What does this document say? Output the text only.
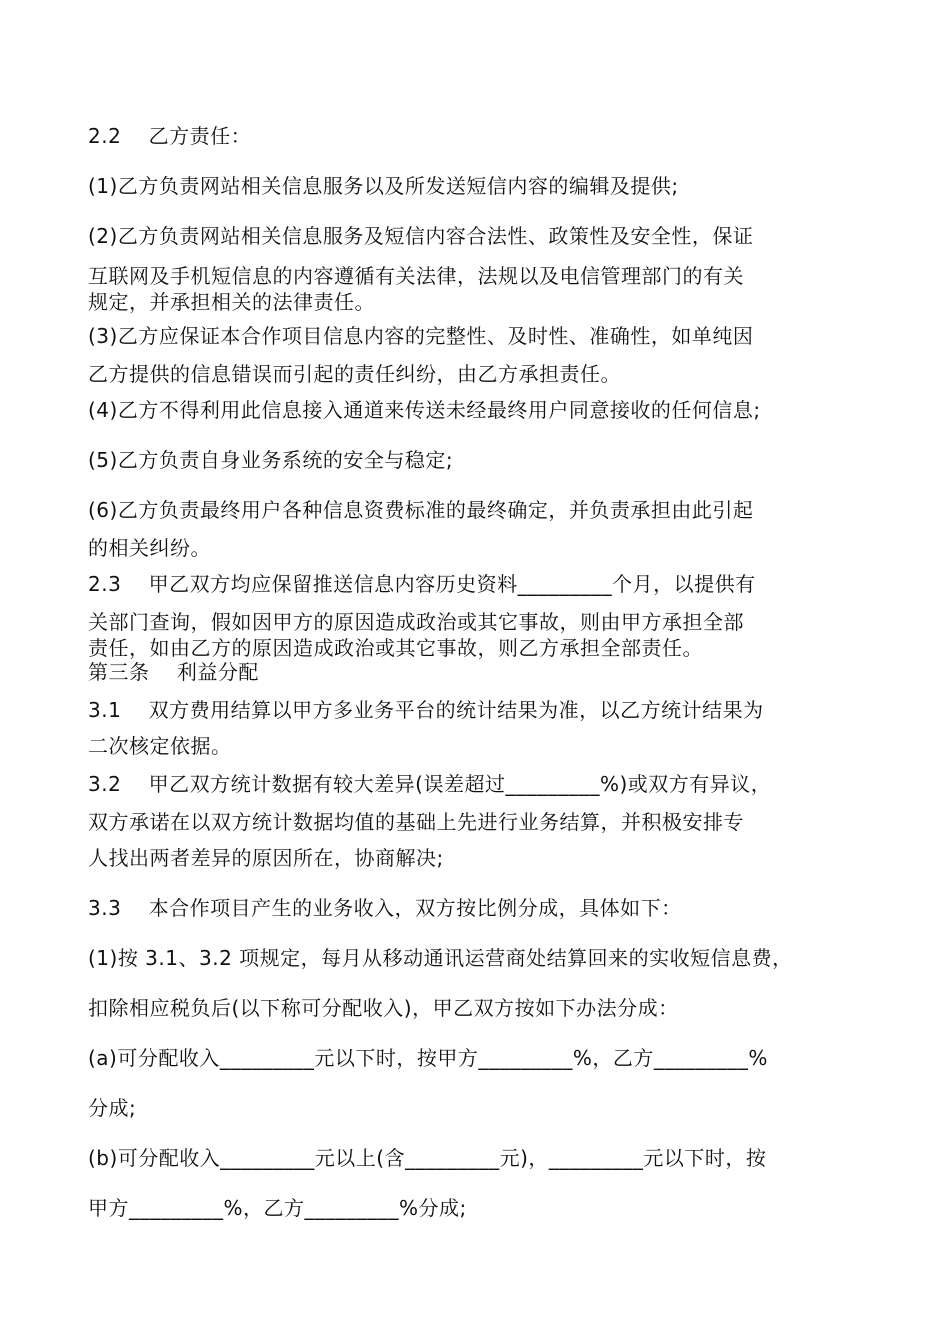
2.2　 乙方责任：
(1)乙方负责网站相关信息服务以及所发送短信内容的编辑及提供;
(2)乙方负责网站相关信息服务及短信内容合法性、政策性及安全性，保证
互联网及手机短信息的内容遵循有关法律，法规以及电信管理部门的有关
规定，并承担相关的法律责任。
(3)乙方应保证本合作项目信息内容的完整性、及时性、准确性，如单纯因
乙方提供的信息错误而引起的责任纠纷，由乙方承担责任。
(4)乙方不得利用此信息接入通道来传送未经最终用户同意接收的任何信息;
(5)乙方负责自身业务系统的安全与稳定;
(6)乙方负责最终用户各种信息资费标准的最终确定，并负责承担由此引起
的相关纠纷。
2.3　 甲乙双方均应保留推送信息内容历史资料_________个月，以提供有
关部门查询，假如因甲方的原因造成政治或其它事故，则由甲方承担全部
责任，如由乙方的原因造成政治或其它事故，则乙方承担全部责任。
第三条　 利益分配
3.1　 双方费用结算以甲方多业务平台的统计结果为准，以乙方统计结果为
二次核定依据。
3.2　 甲乙双方统计数据有较大差异(误差超过_________%)或双方有异议，
双方承诺在以双方统计数据均值的基础上先进行业务结算，并积极安排专
人找出两者差异的原因所在，协商解决;
3.3　 本合作项目产生的业务收入，双方按比例分成，具体如下：
(1)按 3.1、3.2 项规定，每月从移动通讯运营商处结算回来的实收短信息费，
扣除相应税负后(以下称可分配收入)，甲乙双方按如下办法分成：
(a)可分配收入_________元以下时，按甲方_________%，乙方_________%
分成;
(b)可分配收入_________元以上(含_________元)，_________元以下时，按
甲方_________%，乙方_________%分成;
